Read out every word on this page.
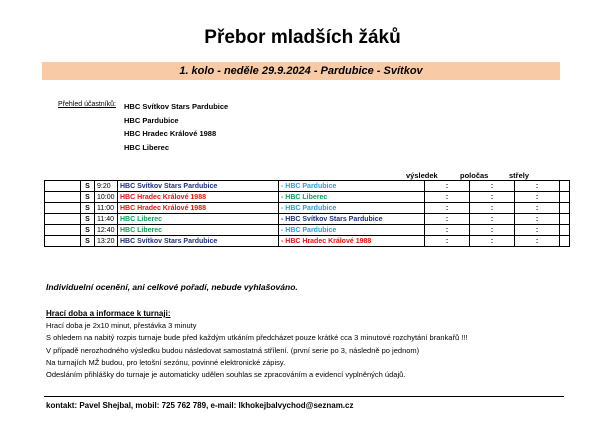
Přebor mladších žáků
1. kolo - neděle 29.9.2024 - Pardubice - Svítkov
Přehled účastníků: HBC Svítkov Stars Pardubice
HBC Pardubice
HBC Hradec Králové 1988
HBC Liberec
výsledek	poločas	střely
	S	9:20	HBC Svítkov Stars Pardubice	- HBC Pardubice	:	:	:	
	S	10:00	HBC Hradec Králové 1988	- HBC Liberec	:	:	:	
	S	11:00	HBC Hradec Králové 1988	- HBC Pardubice	:	:	:	
	S	11:40	HBC Liberec	- HBC Svítkov Stars Pardubice	:	:	:	
	S	12:40	HBC Liberec	- HBC Pardubice	:	:	:	
	S	13:20	HBC Svítkov Stars Pardubice	- HBC Hradec Králové 1988	:	:	:	
Individuelní ocenění, ani celkové pořadí, nebude vyhlašováno.
Hrací doba a informace k turnaji:
Hrací doba je 2x10 minut, přestávka 3 minuty
S ohledem na nabitý rozpis turnaje bude před každým utkáním předcházet pouze krátké cca 3 minutové rozchytání brankařů !!!
V případě nerozhodného výsledku budou následovat samostatná střílení. (první serie po 3, následně po jednom)
Na turnajích MŽ budou, pro letošní sezónu, povinné elektronické zápisy.
Odesláním přihlášky do turnaje je automaticky udělen souhlas se zpracováním a evidencí vyplněných údajů.
kontakt: Pavel Shejbal, mobil: 725 762 789, e-mail: lkhokejbalvychod@seznam.cz
